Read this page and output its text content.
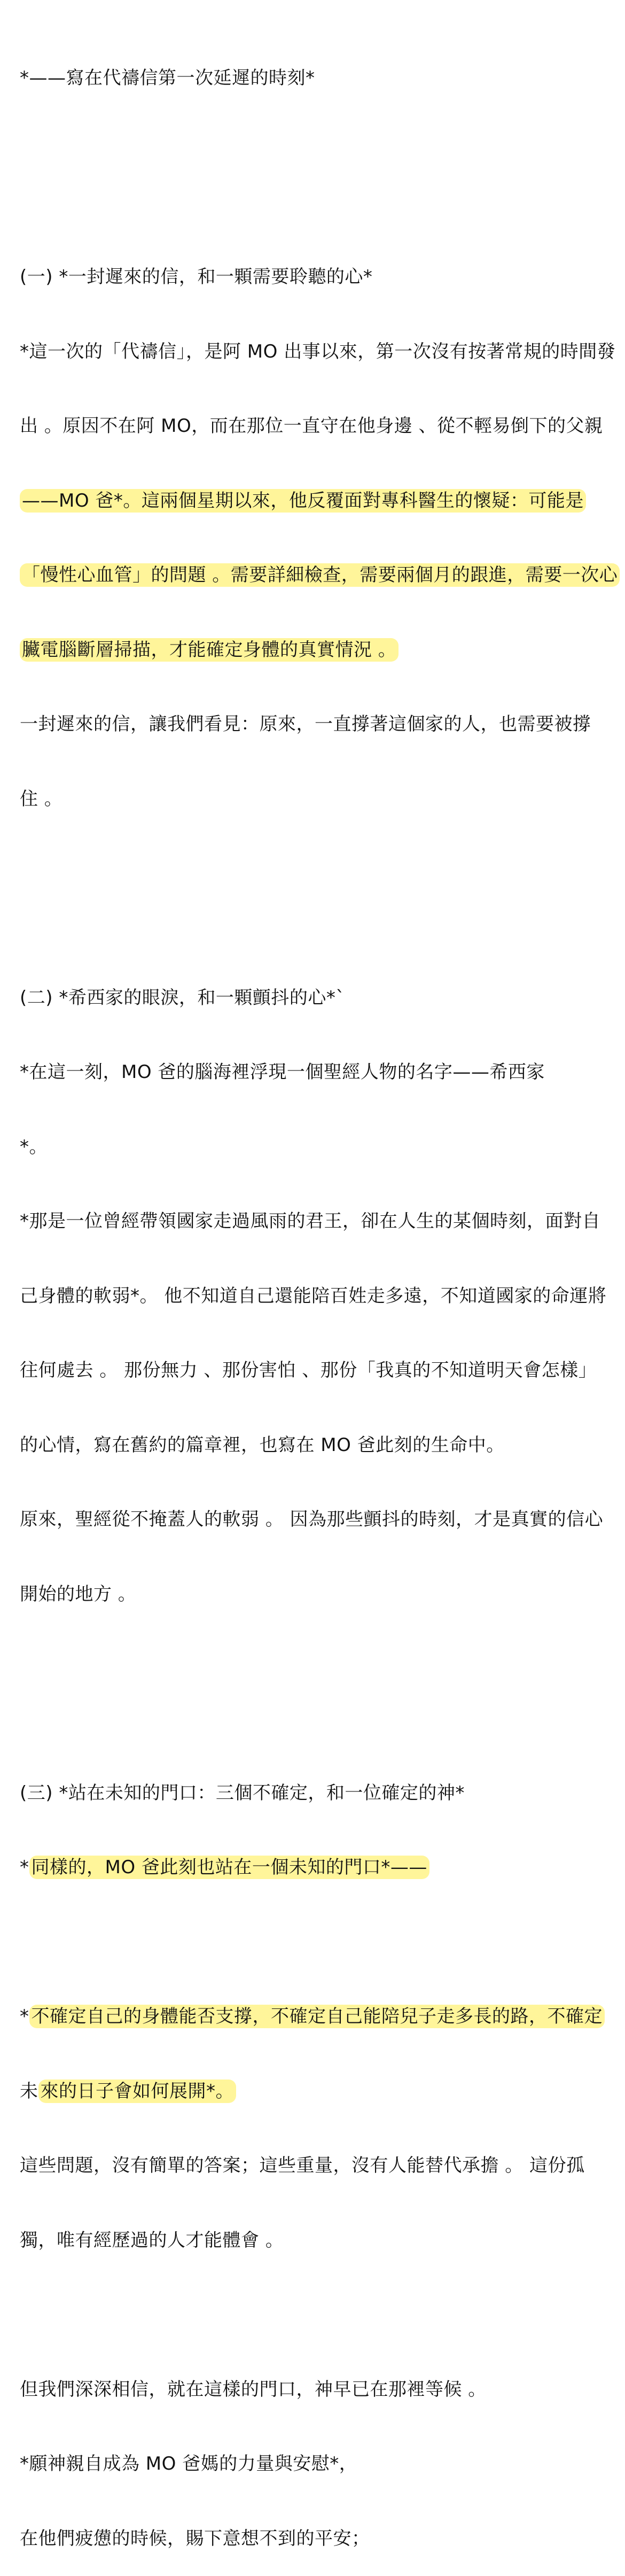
*——寫在代禱信第一次延遲的時刻*

(一) *一封遲來的信，和一顆需要聆聽的心*

*這一次的「代禱信」，是阿 MO 出事以來，第一次沒有按著常規的時間發

出 。原因不在阿 MO，而在那位一直守在他身邊 、從不輕易倒下的父親

——MO 爸*。這兩個星期以來，他反覆面對專科醫生的懷疑：可能是

「慢性心血管」的問題 。需要詳細檢查，需要兩個月的跟進，需要一次心

臟電腦斷層掃描，才能確定身體的真實情況 。

一封遲來的信，讓我們看見：原來，一直撐著這個家的人，也需要被撐

住 。

(二) *希西家的眼淚，和一顆顫抖的心*`

*在這一刻，MO 爸的腦海裡浮現一個聖經人物的名字——希西家

*。

*那是一位曾經帶領國家走過風雨的君王，卻在人生的某個時刻，面對自

己身體的軟弱*。 他不知道自己還能陪百姓走多遠，不知道國家的命運將

往何處去 。 那份無力 、那份害怕 、那份「我真的不知道明天會怎樣」

的心情，寫在舊約的篇章裡，也寫在 MO 爸此刻的生命中。

原來，聖經從不掩蓋人的軟弱 。 因為那些顫抖的時刻，才是真實的信心

開始的地方 。

(三) *站在未知的門口：三個不確定，和一位確定的神*

* 同樣的，MO 爸此刻也站在一個未知的門口*——

* 不確定自己的身體能否支撐，不確定自己能陪兒子走多長的路，不確定

未 來的日子會如何展開*。

這些問題，沒有簡單的答案；這些重量，沒有人能替代承擔 。 這份孤

獨，唯有經歷過的人才能體會 。

但我們深深相信，就在這樣的門口，神早已在那裡等候 。

*願神親自成為 MO 爸媽的力量與安慰*，

在他們疲憊的時候，賜下意想不到的平安；
